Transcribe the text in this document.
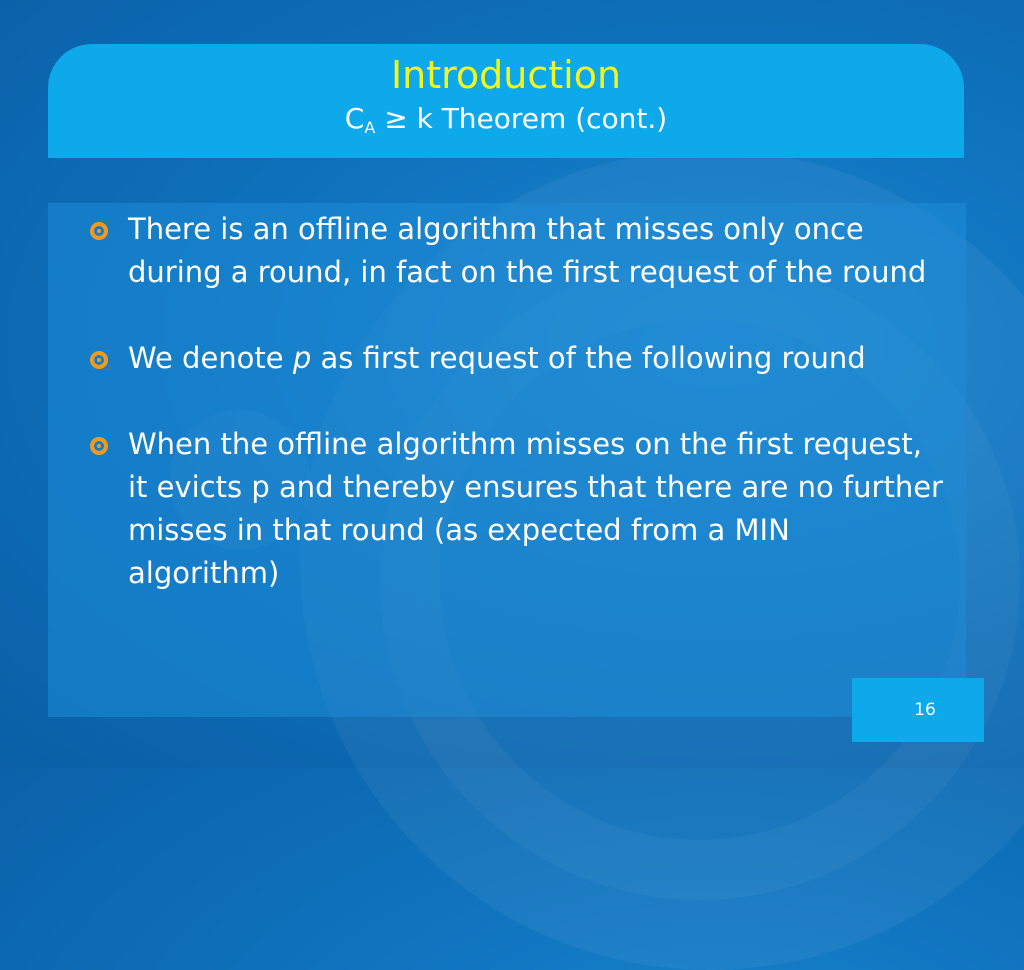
Introduction
$C_A \ge k$ Theorem (cont.)
There is an offline algorithm that misses only once during a round, in fact on the first request of the round
We denote p as first request of the following round
When the offline algorithm misses on the first request, it evicts p and thereby ensures that there are no further misses in that round (as expected from a MIN algorithm)
16
